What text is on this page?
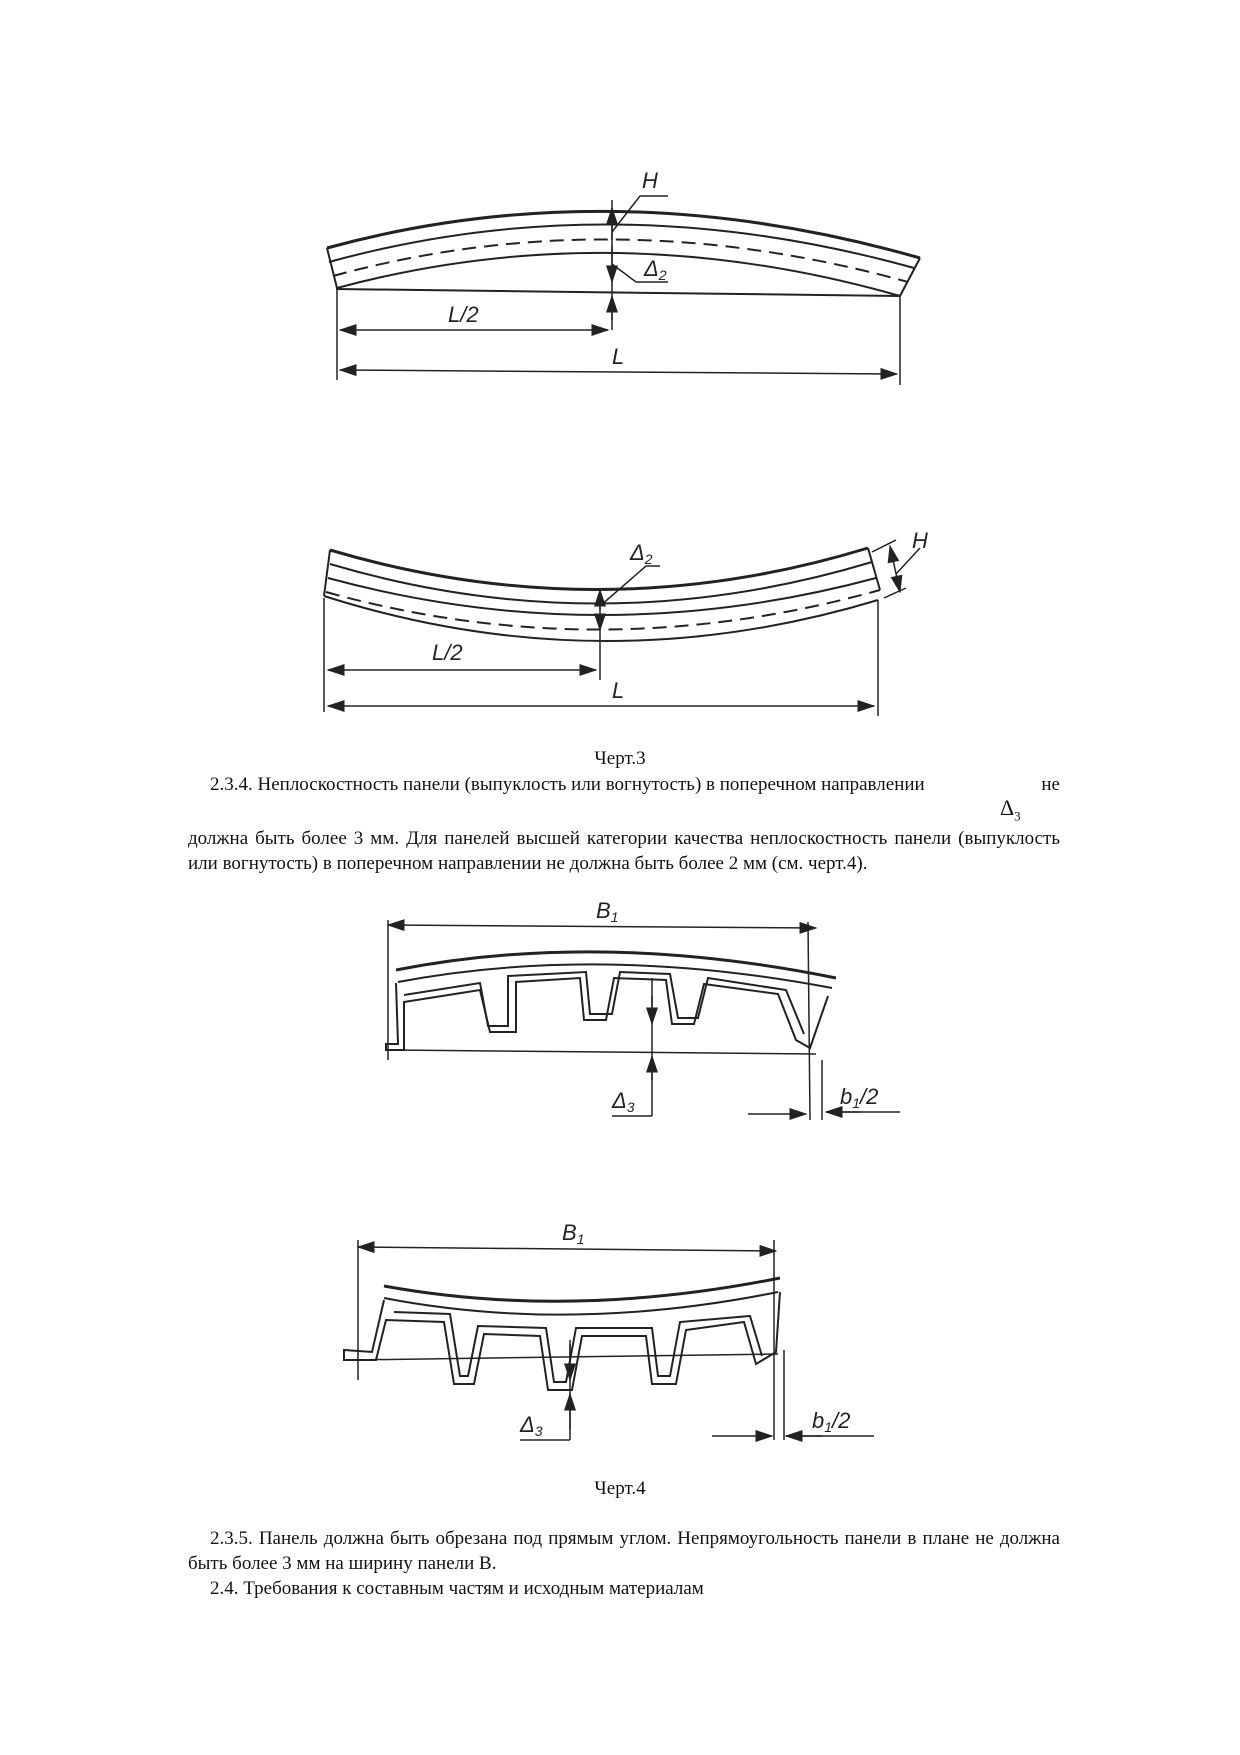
H
Δ2
L/2
L
H
Δ2
L/2
L
Черт.3
2.3.4. Неплоскостность панели (выпуклость или вогнутость) в поперечном направлении	не
$\Delta_3$
должна быть более 3 мм. Для панелей высшей категории качества неплоскостность панели (выпуклость или вогнутость) в поперечном направлении не должна быть более 2 мм (см. черт.4).
B1
Δ3	b1/2
B1
Δ3	b1/2
Черт.4
2.3.5. Панель должна быть обрезана под прямым углом. Непрямоугольность панели в плане не должна быть более 3 мм на ширину панели В.
2.4. Требования к составным частям и исходным материалам
